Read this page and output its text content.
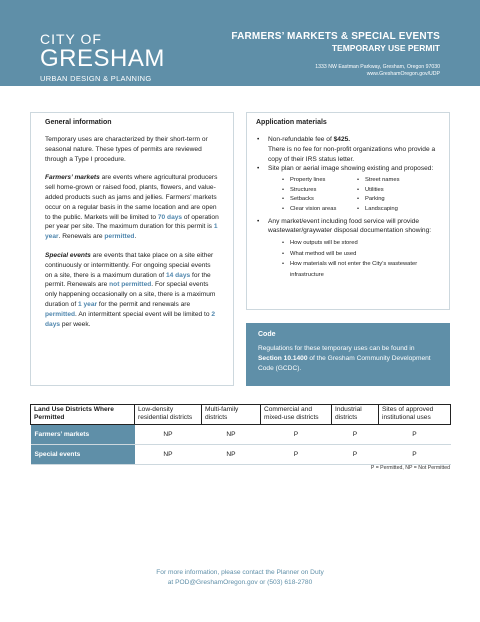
CITY OF
GRESHAM
URBAN DESIGN & PLANNING
FARMERS’ MARKETS & SPECIAL EVENTS
TEMPORARY USE PERMIT
1333 NW Eastman Parkway, Gresham, Oregon 97030
www.GreshamOregon.gov/UDP
General information

Temporary uses are characterized by their short-term or seasonal nature. These types of permits are reviewed through a Type I procedure.

Farmers’ markets are events where agricultural producers sell home-grown or raised food, plants, flowers, and value-added products such as jams and jellies. Farmers’ markets occur on a regular basis in the same location and are open to the public. Markets will be limited to 70 days of operation per year per site. The maximum duration for this permit is 1 year. Renewals are permitted.

Special events are events that take place on a site either continuously or intermittently. For ongoing special events on a site, there is a maximum duration of 14 days for the permit. Renewals are not permitted. For special events only happening occasionally on a site, there is a maximum duration of 1 year for the permit and renewals are permitted. An intermittent special event will be limited to 2 days per week.

Application materials
• Non-refundable fee of $425.
There is no fee for non-profit organizations who provide a copy of their IRS status letter.
• Site plan or aerial image showing existing and proposed:
• Property lines	• Street names
• Structures	• Utilities
• Setbacks	• Parking
• Clear vision areas	• Landscaping
• Any market/event including food service will provide wastewater/graywater disposal documentation showing:
• How outputs will be stored
• What method will be used
• How materials will not enter the City’s wastewater infrastructure
Code

Regulations for these temporary uses can be found in Section 10.1400 of the Gresham Community Development Code (GCDC).

Land Use Districts Where Permitted	Low-density residential districts	Multi-family districts	Commercial and mixed-use districts	Industrial districts	Sites of approved institutional uses
Farmers’ markets	NP	NP	P	P	P
Special events	NP	NP	P	P	P
P = Permitted, NP = Not Permitted
For more information, please contact the Planner on Duty
at POD@GreshamOregon.gov or (503) 618-2780
